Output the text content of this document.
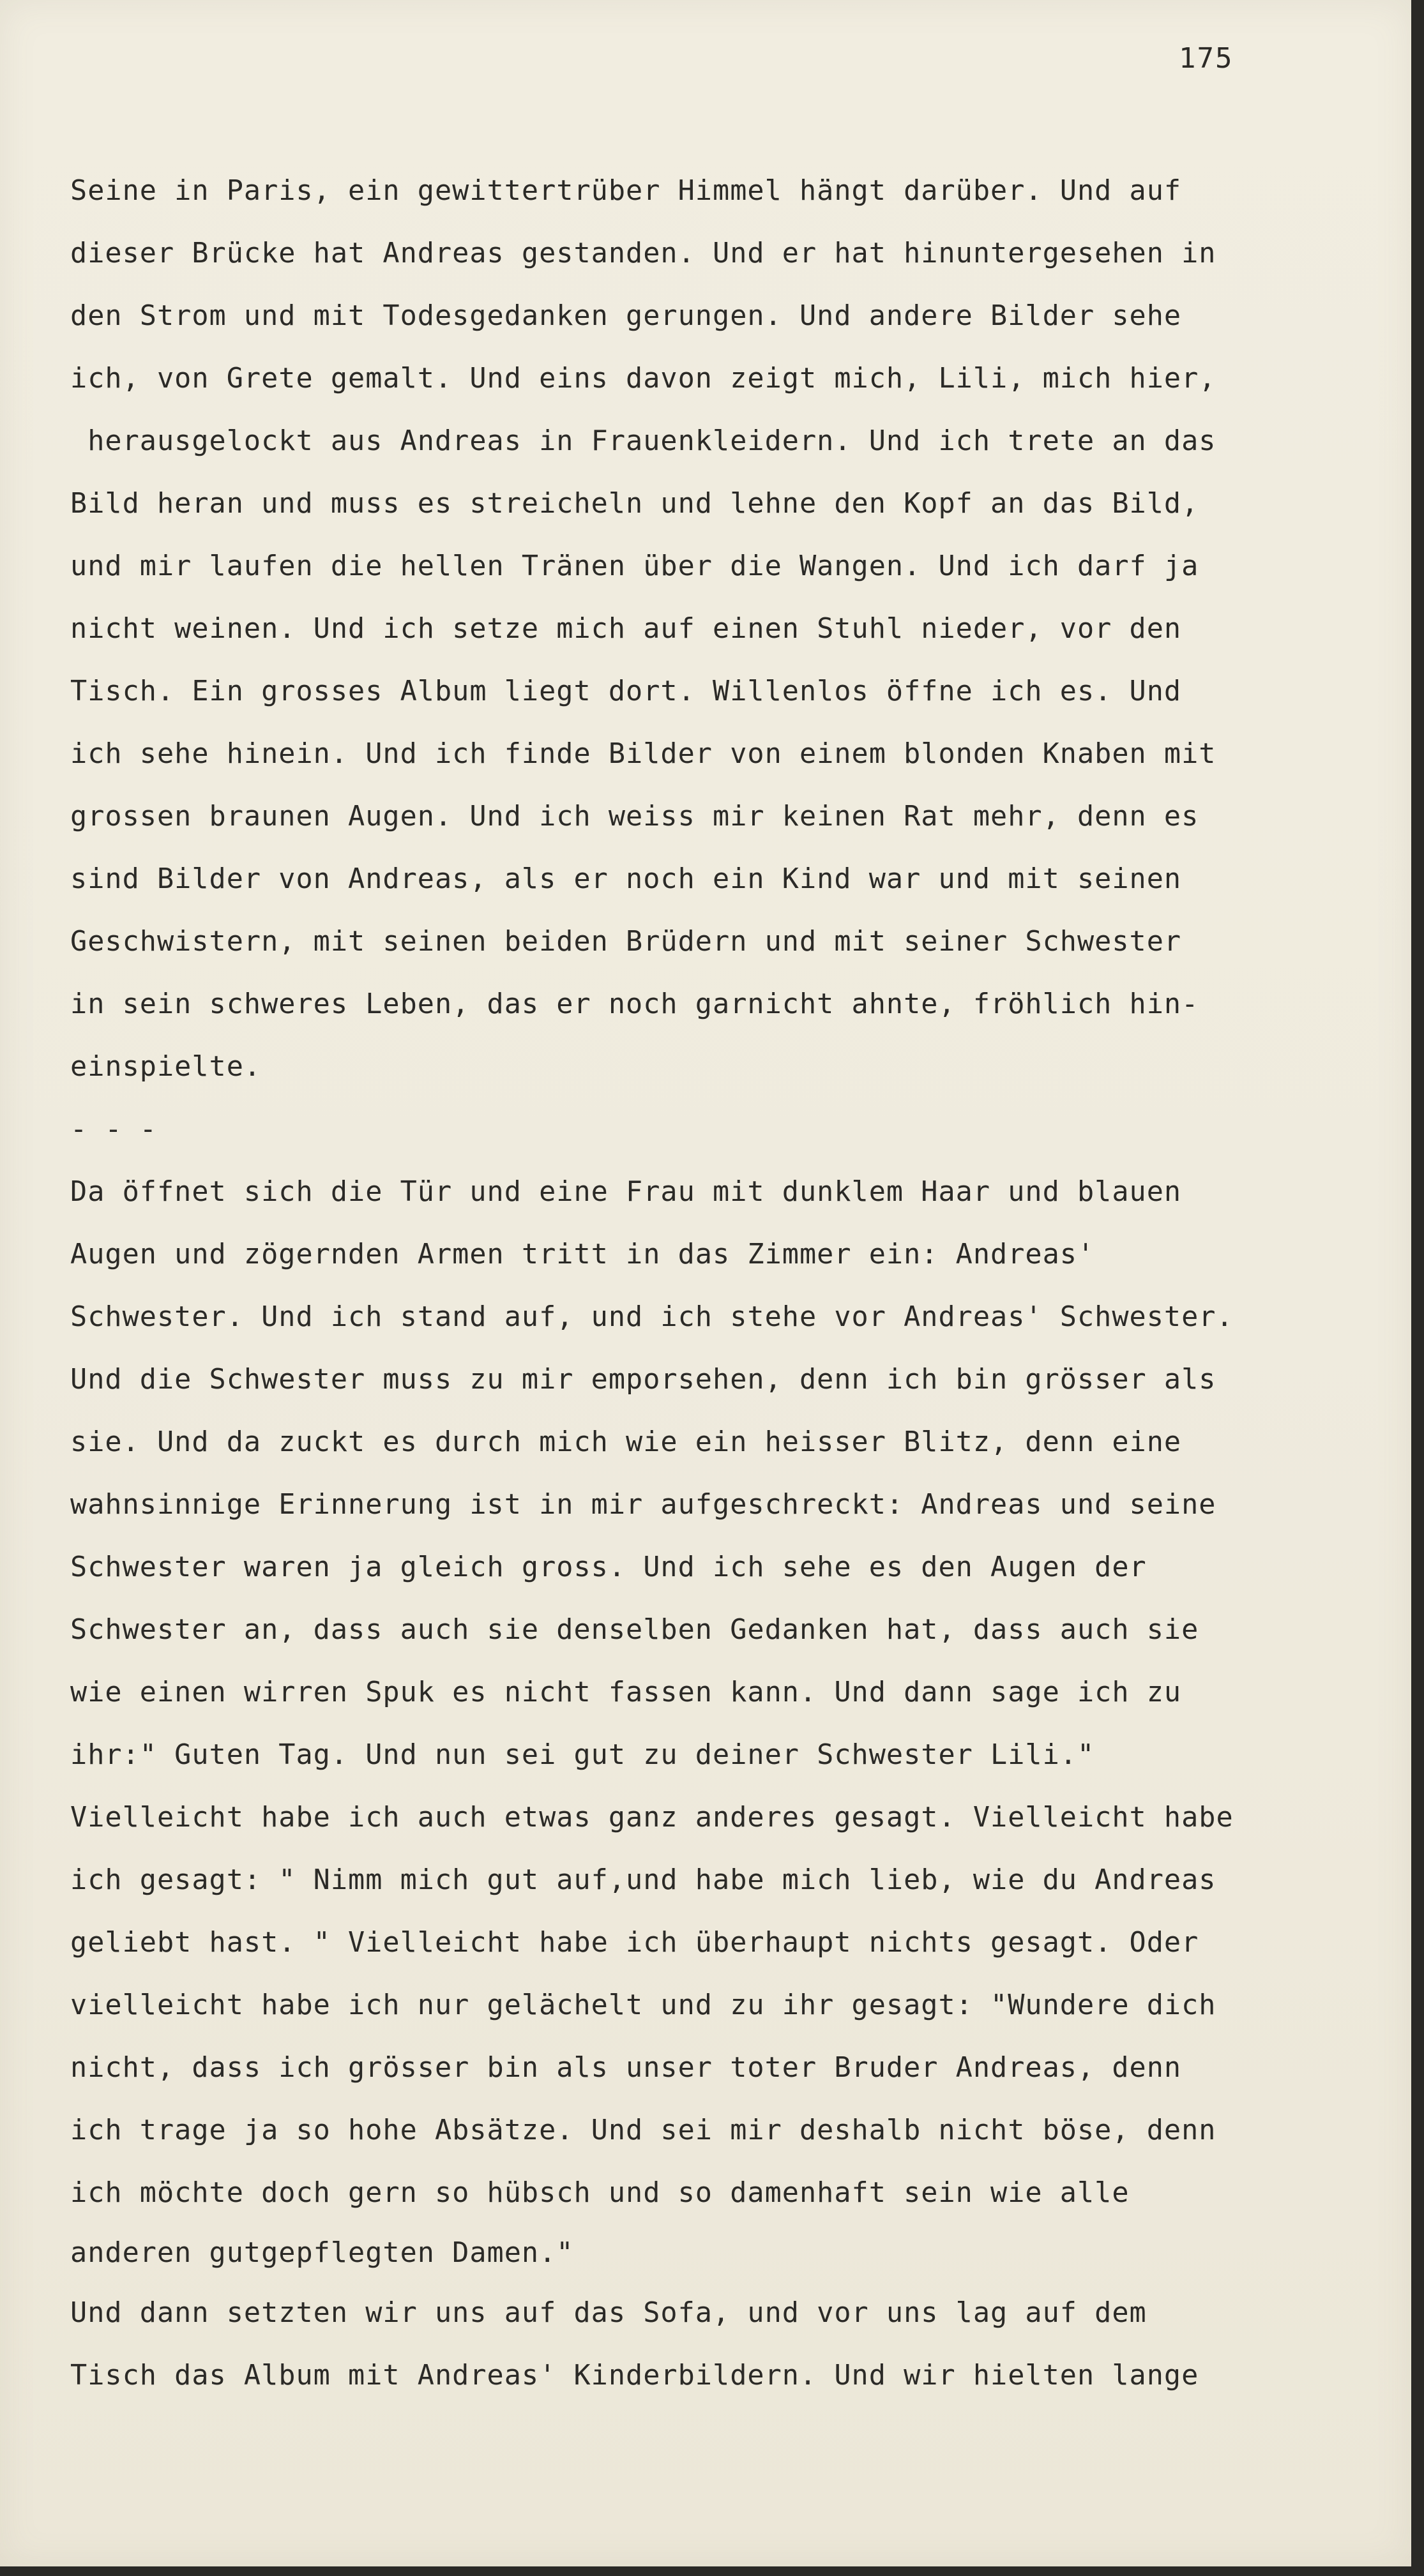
175
Seine in Paris, ein gewittertrüber Himmel hängt darüber. Und auf
dieser Brücke hat Andreas gestanden. Und er hat hinuntergesehen in
den Strom und mit Todesgedanken gerungen. Und andere Bilder sehe
ich, von Grete gemalt. Und eins davon zeigt mich, Lili, mich hier,
herausgelockt aus Andreas in Frauenkleidern. Und ich trete an das
Bild heran und muss es streicheln und lehne den Kopf an das Bild,
und mir laufen die hellen Tränen über die Wangen. Und ich darf ja
nicht weinen. Und ich setze mich auf einen Stuhl nieder, vor den
Tisch. Ein grosses Album liegt dort. Willenlos öffne ich es. Und
ich sehe hinein. Und ich finde Bilder von einem blonden Knaben mit
grossen braunen Augen. Und ich weiss mir keinen Rat mehr, denn es
sind Bilder von Andreas, als er noch ein Kind war und mit seinen
Geschwistern, mit seinen beiden Brüdern und mit seiner Schwester
in sein schweres Leben, das er noch garnicht ahnte, fröhlich hin-
einspielte.
- - -
Da öffnet sich die Tür und eine Frau mit dunklem Haar und blauen
Augen und zögernden Armen tritt in das Zimmer ein: Andreas'
Schwester. Und ich stand auf, und ich stehe vor Andreas' Schwester.
Und die Schwester muss zu mir emporsehen, denn ich bin grösser als
sie. Und da zuckt es durch mich wie ein heisser Blitz, denn eine
wahnsinnige Erinnerung ist in mir aufgeschreckt: Andreas und seine
Schwester waren ja gleich gross. Und ich sehe es den Augen der
Schwester an, dass auch sie denselben Gedanken hat, dass auch sie
wie einen wirren Spuk es nicht fassen kann. Und dann sage ich zu
ihr:" Guten Tag. Und nun sei gut zu deiner Schwester Lili."
Vielleicht habe ich auch etwas ganz anderes gesagt. Vielleicht habe
ich gesagt: " Nimm mich gut auf,und habe mich lieb, wie du Andreas
geliebt hast. " Vielleicht habe ich überhaupt nichts gesagt. Oder
vielleicht habe ich nur gelächelt und zu ihr gesagt: "Wundere dich
nicht, dass ich grösser bin als unser toter Bruder Andreas, denn
ich trage ja so hohe Absätze. Und sei mir deshalb nicht böse, denn
ich möchte doch gern so hübsch und so damenhaft sein wie alle
anderen gutgepflegten Damen."
Und dann setzten wir uns auf das Sofa, und vor uns lag auf dem
Tisch das Album mit Andreas' Kinderbildern. Und wir hielten lange
